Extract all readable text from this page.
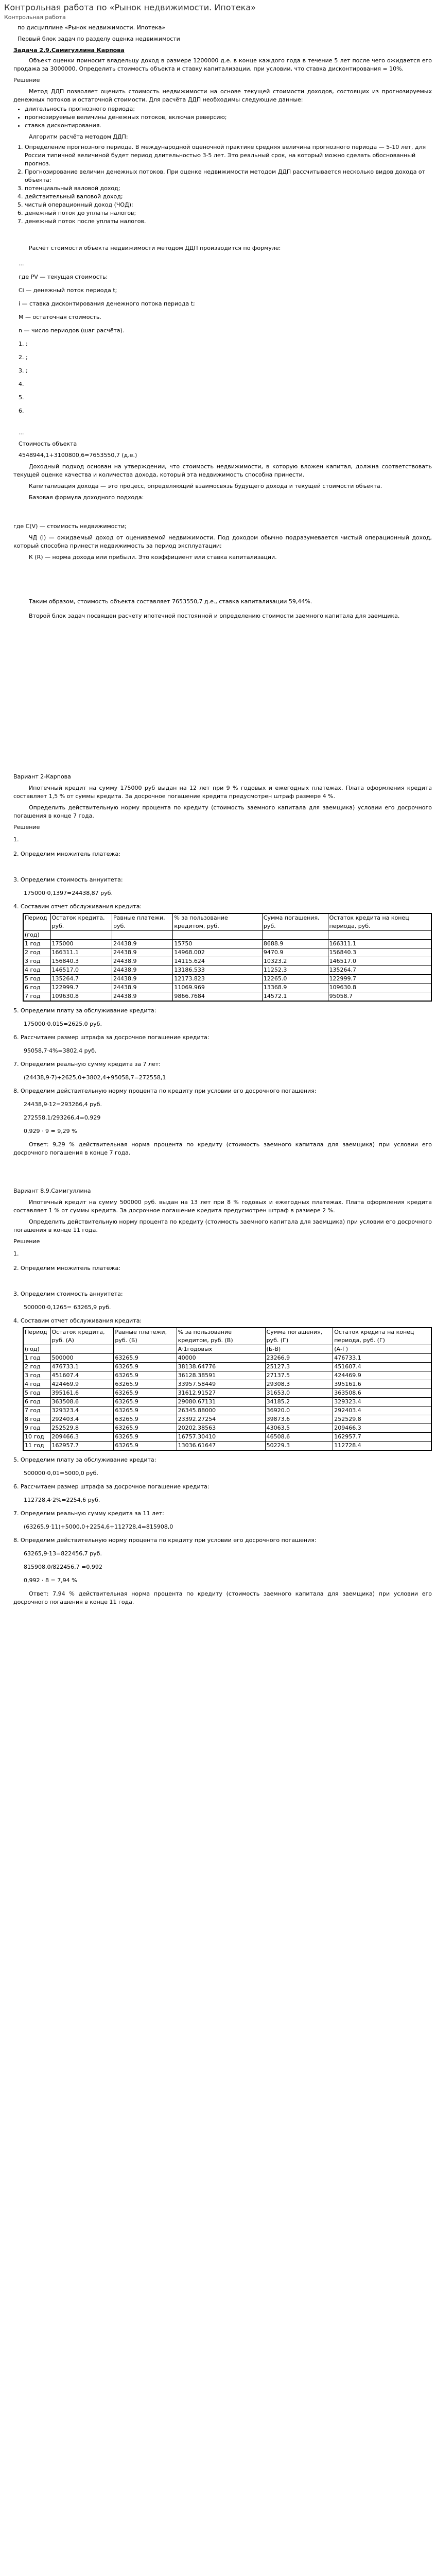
Контрольная работа по «Рынок недвижимости. Ипотека»
Контрольная работа

по дисциплине «Рынок недвижимости. Ипотека»

Первый блок задач по разделу оценка недвижимости

Задача 2.9.Самигуллина Карпова

Объект оценки приносит владельцу доход в размере 1200000 д.е. в конце каждого года в течение 5 лет после чего ожидается его продажа за 3000000. Определить стоимость объекта и ставку капитализации, при условии, что ставка дисконтирования = 10%.

Решение

Метод ДДП позволяет оценить стоимость недвижимости на основе текущей стоимости доходов, состоящих из прогнозируемых денежных потоков и остаточной стоимости. Для расчёта ДДП необходимы следующие данные:

• длительность прогнозного периода;
• прогнозируемые величины денежных потоков, включая реверсию;
• ставка дисконтирования.

Алгоритм расчёта методом ДДП:

1. Определение прогнозного периода. В международной оценочной практике средняя величина прогнозного периода — 5-10 лет, для России типичной величиной будет период длительностью 3-5 лет. Это реальный срок, на который можно сделать обоснованный прогноз.
2. Прогнозирование величин денежных потоков. При оценке недвижимости методом ДДП рассчитывается несколько видов дохода от объекта:
3. потенциальный валовой доход;
4. действительный валовой доход;
5. чистый операционный доход (ЧОД);
6. денежный поток до уплаты налогов;
7. денежный поток после уплаты налогов.

Расчёт стоимости объекта недвижимости методом ДДП производится по формуле:

...

где PV — текущая стоимость;

Ci — денежный поток периода t;

i — ставка дисконтирования денежного потока периода t;

M — остаточная стоимость.

n — число периодов (шаг расчёта).

1. ;

2. ;

3. ;

4.

5.

6.

...

Стоимость объекта

4548944,1+3100800,6=7653550,7 (д.е.)

Доходный подход основан на утверждении, что стоимость недвижимости, в которую вложен капитал, должна соответствовать текущей оценке качества и количества дохода, который эта недвижимость способна принести.

Капитализация дохода — это процесс, определяющий взаимосвязь будущего дохода и текущей стоимости объекта.

Базовая формула доходного подхода:

где С(V) — стоимость недвижимости;

ЧД (I) — ожидаемый доход от оцениваемой недвижимости. Под доходом обычно подразумевается чистый операционный доход, который способна принести недвижимость за период эксплуатации;

К (R) — норма дохода или прибыли. Это коэффициент или ставка капитализации.

Таким образом, стоимость объекта составляет 7653550,7 д.е., ставка капитализации 59,44%.

Второй блок задач посвящен расчету ипотечной постоянной и определению стоимости заемного капитала для заемщика.

Вариант 2-Карпова

Ипотечный кредит на сумму 175000 руб выдан на 12 лет при 9 % годовых и ежегодных платежах. Плата оформления кредита составляет 1,5 % от суммы кредита. За досрочное погашение кредита предусмотрен штраф размере 4 %.

Определить действительную норму процента по кредиту (стоимость заемного капитала для заемщика) условии его досрочного погашения в конце 7 года.

Решение

1.

2. Определим множитель платежа:

3. Определим стоимость аннуитета:

175000·0,1397=24438,87 руб.

4. Составим отчет обслуживания кредита:

Период	Остаток кредита, руб.	Равные платежи, руб.	% за пользование кредитом, руб.	Сумма погашения, руб.	Остаток кредита на конец периода, руб.
(год)					
1 год	175000	24438.9	15750	8688.9	166311.1
2 год	166311.1	24438.9	14968.002	9470.9	156840.3
3 год	156840.3	24438.9	14115.624	10323.2	146517.0
4 год	146517.0	24438.9	13186.533	11252.3	135264.7
5 год	135264.7	24438.9	12173.823	12265.0	122999.7
6 год	122999.7	24438.9	11069.969	13368.9	109630.8
7 год	109630.8	24438.9	9866.7684	14572.1	95058.7

5. Определим плату за обслуживание кредита:

175000·0,015=2625,0 руб.

6. Рассчитаем размер штрафа за досрочное погашение кредита:

95058,7·4%=3802,4 руб.

7. Определим реальную сумму кредита за 7 лет:

(24438,9·7)+2625,0+3802,4+95058,7=272558,1

8. Определим действительную норму процента по кредиту при условии его досрочного погашения:

24438,9·12=293266,4 руб.

272558,1/293266,4=0,929

0,929 · 9 = 9,29 %

Ответ: 9,29 % действительная норма процента по кредиту (стоимость заемного капитала для заемщика) при условии его досрочного погашения в конце 7 года.

Вариант 8.9,Самигуллина

Ипотечный кредит на сумму 500000 руб. выдан на 13 лет при 8 % годовых и ежегодных платежах. Плата оформления кредита составляет 1 % от суммы кредита. За досрочное погашение кредита предусмотрен штраф в размере 2 %.

Определить действительную норму процента по кредиту (стоимость заемного капитала для заемщика) при условии его досрочного погашения в конце 11 года.

Решение

1.

2. Определим множитель платежа:

3. Определим стоимость аннуитета:

500000·0,1265= 63265,9 руб.

4. Составим отчет обслуживания кредита:

Период	Остаток кредита, руб. (А)	Равные платежи, руб. (Б)	% за пользование кредитом, руб. (В)	Сумма погашения, руб. (Г)	Остаток кредита на конец периода, руб. (Г)
(год)			А·1годовых	(Б-В)	(А-Г)
1 год	500000	63265.9	40000	23266.9	476733.1
2 год	476733.1	63265.9	38138.64776	25127.3	451607.4
3 год	451607.4	63265.9	36128.38591	27137.5	424469.9
4 год	424469.9	63265.9	33957.58449	29308.3	395161.6
5 год	395161.6	63265.9	31612.91527	31653.0	363508.6
6 год	363508.6	63265.9	29080.67131	34185.2	329323.4
7 год	329323.4	63265.9	26345.88000	36920.0	292403.4
8 год	292403.4	63265.9	23392.27254	39873.6	252529.8
9 год	252529.8	63265.9	20202.38563	43063.5	209466.3
10 год	209466.3	63265.9	16757.30410	46508.6	162957.7
11 год	162957.7	63265.9	13036.61647	50229.3	112728.4

5. Определим плату за обслуживание кредита:

500000·0,01=5000,0 руб.

6. Рассчитаем размер штрафа за досрочное погашение кредита:

112728,4·2%=2254,6 руб.

7. Определим реальную сумму кредита за 11 лет:

(63265,9·11)+5000,0+2254,6+112728,4=815908,0

8. Определим действительную норму процента по кредиту при условии его досрочного погашения:

63265,9·13=822456,7 руб.

815908,0/822456,7 =0,992

0,992 · 8 = 7,94 %

Ответ: 7,94 % действительная норма процента по кредиту (стоимость заемного капитала для заемщика) при условии его досрочного погашения в конце 11 года.
